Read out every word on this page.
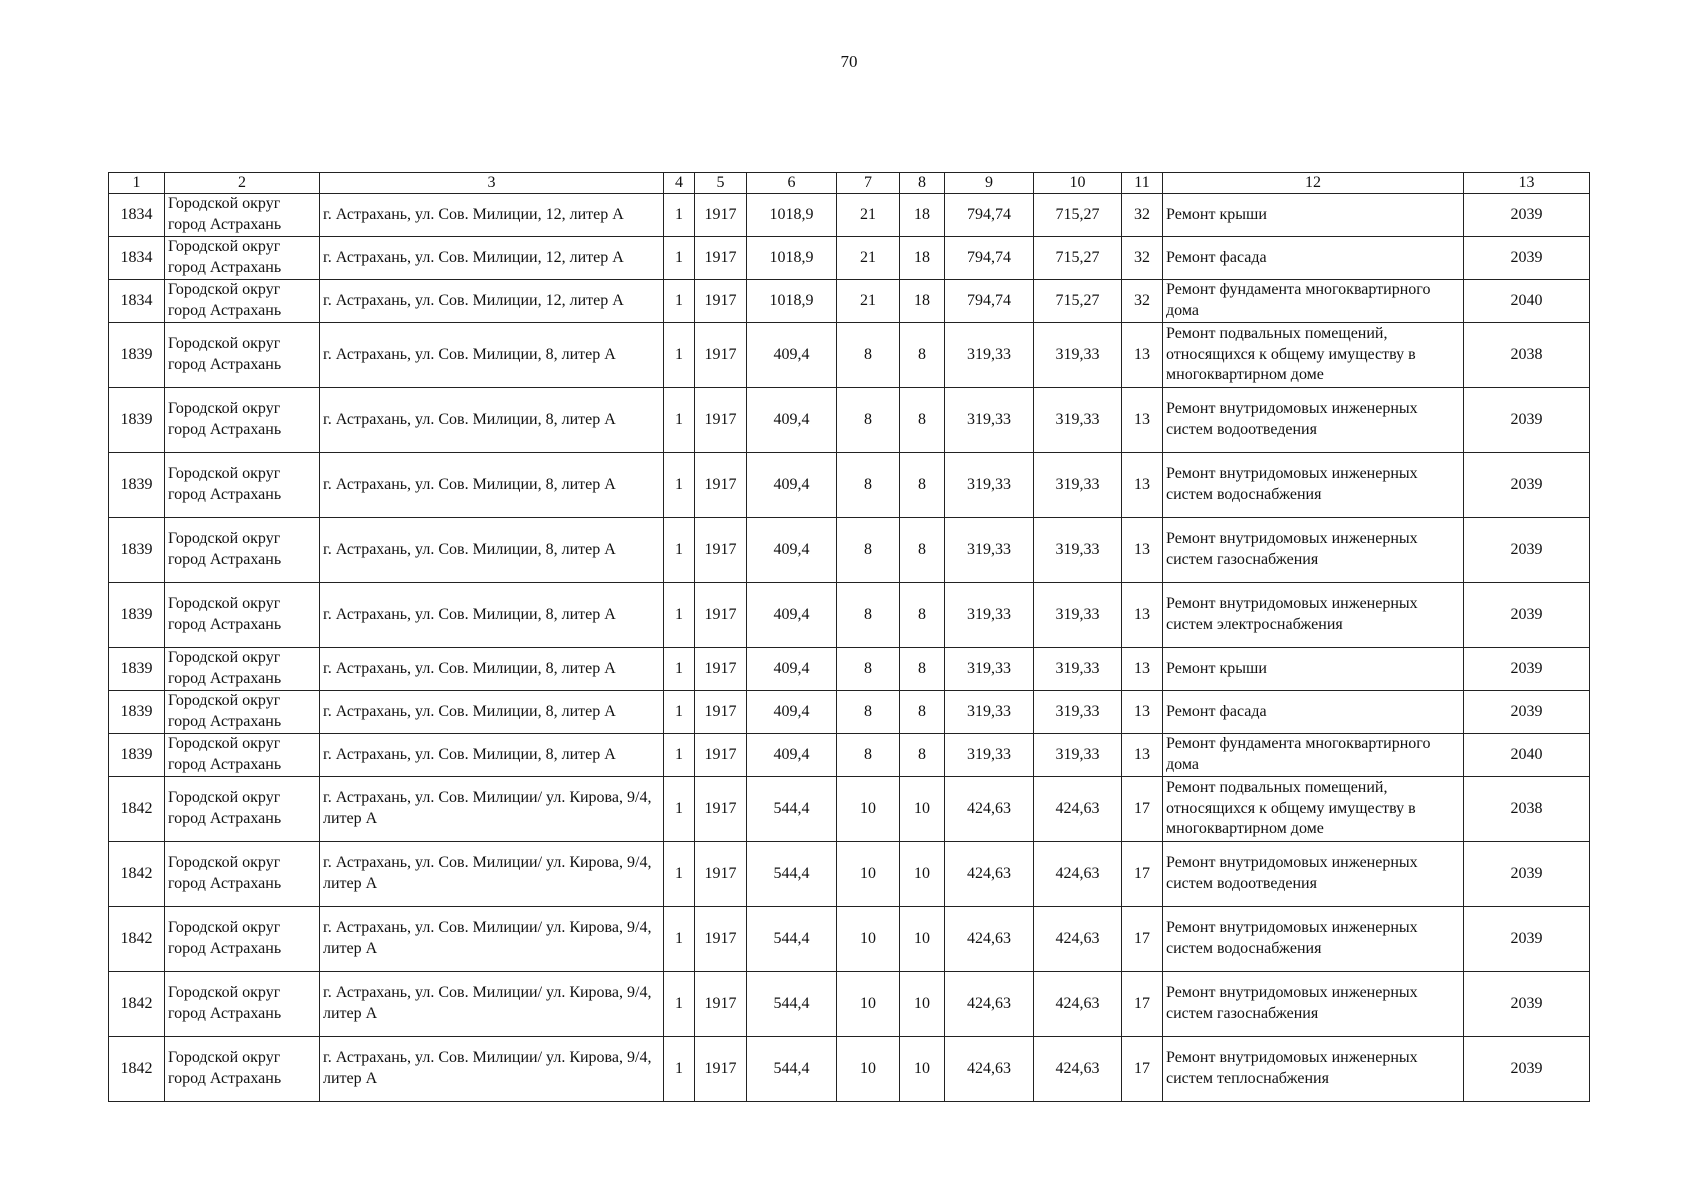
70
1	2	3	4	5	6	7	8	9	10	11	12	13
1834	Городской округ город Астрахань	г. Астрахань, ул. Сов. Милиции, 12, литер А	1	1917	1018,9	21	18	794,74	715,27	32	Ремонт крыши	2039
1834	Городской округ город Астрахань	г. Астрахань, ул. Сов. Милиции, 12, литер А	1	1917	1018,9	21	18	794,74	715,27	32	Ремонт фасада	2039
1834	Городской округ город Астрахань	г. Астрахань, ул. Сов. Милиции, 12, литер А	1	1917	1018,9	21	18	794,74	715,27	32	Ремонт фундамента многоквартирного дома	2040
1839	Городской округ город Астрахань	г. Астрахань, ул. Сов. Милиции, 8, литер А	1	1917	409,4	8	8	319,33	319,33	13	Ремонт подвальных помещений, относящихся к общему имуществу в многоквартирном доме	2038
1839	Городской округ город Астрахань	г. Астрахань, ул. Сов. Милиции, 8, литер А	1	1917	409,4	8	8	319,33	319,33	13	Ремонт внутридомовых инженерных систем водоотведения	2039
1839	Городской округ город Астрахань	г. Астрахань, ул. Сов. Милиции, 8, литер А	1	1917	409,4	8	8	319,33	319,33	13	Ремонт внутридомовых инженерных систем водоснабжения	2039
1839	Городской округ город Астрахань	г. Астрахань, ул. Сов. Милиции, 8, литер А	1	1917	409,4	8	8	319,33	319,33	13	Ремонт внутридомовых инженерных систем газоснабжения	2039
1839	Городской округ город Астрахань	г. Астрахань, ул. Сов. Милиции, 8, литер А	1	1917	409,4	8	8	319,33	319,33	13	Ремонт внутридомовых инженерных систем электроснабжения	2039
1839	Городской округ город Астрахань	г. Астрахань, ул. Сов. Милиции, 8, литер А	1	1917	409,4	8	8	319,33	319,33	13	Ремонт крыши	2039
1839	Городской округ город Астрахань	г. Астрахань, ул. Сов. Милиции, 8, литер А	1	1917	409,4	8	8	319,33	319,33	13	Ремонт фасада	2039
1839	Городской округ город Астрахань	г. Астрахань, ул. Сов. Милиции, 8, литер А	1	1917	409,4	8	8	319,33	319,33	13	Ремонт фундамента многоквартирного дома	2040
1842	Городской округ город Астрахань	г. Астрахань, ул. Сов. Милиции/ ул. Кирова, 9/4, литер А	1	1917	544,4	10	10	424,63	424,63	17	Ремонт подвальных помещений, относящихся к общему имуществу в многоквартирном доме	2038
1842	Городской округ город Астрахань	г. Астрахань, ул. Сов. Милиции/ ул. Кирова, 9/4, литер А	1	1917	544,4	10	10	424,63	424,63	17	Ремонт внутридомовых инженерных систем водоотведения	2039
1842	Городской округ город Астрахань	г. Астрахань, ул. Сов. Милиции/ ул. Кирова, 9/4, литер А	1	1917	544,4	10	10	424,63	424,63	17	Ремонт внутридомовых инженерных систем водоснабжения	2039
1842	Городской округ город Астрахань	г. Астрахань, ул. Сов. Милиции/ ул. Кирова, 9/4, литер А	1	1917	544,4	10	10	424,63	424,63	17	Ремонт внутридомовых инженерных систем газоснабжения	2039
1842	Городской округ город Астрахань	г. Астрахань, ул. Сов. Милиции/ ул. Кирова, 9/4, литер А	1	1917	544,4	10	10	424,63	424,63	17	Ремонт внутридомовых инженерных систем теплоснабжения	2039
